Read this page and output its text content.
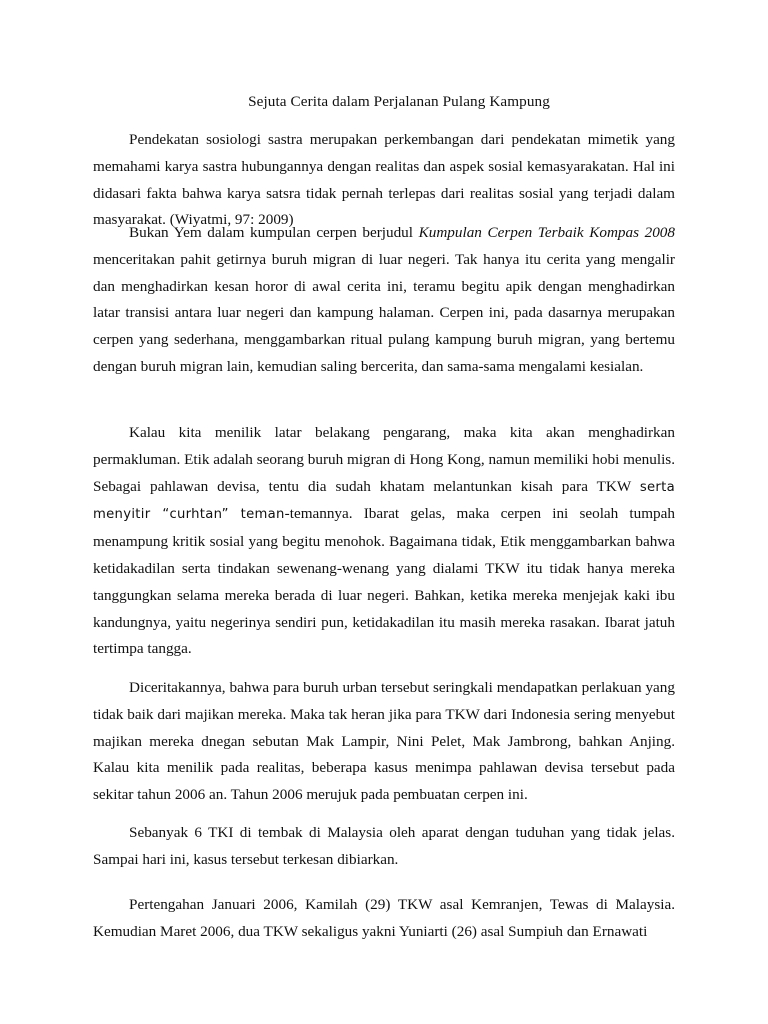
Sejuta Cerita dalam Perjalanan Pulang Kampung

Pendekatan sosiologi sastra merupakan perkembangan dari pendekatan mimetik yang memahami karya sastra hubungannya dengan realitas dan aspek sosial kemasyarakatan. Hal ini didasari fakta bahwa karya satsra tidak pernah terlepas dari realitas sosial yang terjadi dalam masyarakat. (Wiyatmi, 97: 2009)

Bukan Yem dalam kumpulan cerpen berjudul Kumpulan Cerpen Terbaik Kompas 2008 menceritakan pahit getirnya buruh migran di luar negeri. Tak hanya itu cerita yang mengalir dan menghadirkan kesan horor di awal cerita ini, teramu begitu apik dengan menghadirkan latar transisi antara luar negeri dan kampung halaman. Cerpen ini, pada dasarnya merupakan cerpen yang sederhana, menggambarkan ritual pulang kampung buruh migran, yang bertemu dengan buruh migran lain, kemudian saling bercerita, dan sama-sama mengalami kesialan.

Kalau kita menilik latar belakang pengarang, maka kita akan menghadirkan permakluman. Etik adalah seorang buruh migran di Hong Kong, namun memiliki hobi menulis. Sebagai pahlawan devisa, tentu dia sudah khatam melantunkan kisah para TKW serta menyitir “curhtan” teman-temannya. Ibarat gelas, maka cerpen ini seolah tumpah menampung kritik sosial yang begitu menohok. Bagaimana tidak, Etik menggambarkan bahwa ketidakadilan serta tindakan sewenang-wenang yang dialami TKW itu tidak hanya mereka tanggungkan selama mereka berada di luar negeri. Bahkan, ketika mereka menjejak kaki ibu kandungnya, yaitu negerinya sendiri pun, ketidakadilan itu masih mereka rasakan. Ibarat jatuh tertimpa tangga.

Diceritakannya, bahwa para buruh urban tersebut seringkali mendapatkan perlakuan yang tidak baik dari majikan mereka. Maka tak heran jika para TKW dari Indonesia sering menyebut majikan mereka dnegan sebutan Mak Lampir, Nini Pelet, Mak Jambrong, bahkan Anjing. Kalau kita menilik pada realitas, beberapa kasus menimpa pahlawan devisa tersebut pada sekitar tahun 2006 an. Tahun 2006 merujuk pada pembuatan cerpen ini.

Sebanyak 6 TKI di tembak di Malaysia oleh aparat dengan tuduhan yang tidak jelas. Sampai hari ini, kasus tersebut terkesan dibiarkan.

Pertengahan Januari 2006, Kamilah (29) TKW asal Kemranjen, Tewas di Malaysia. Kemudian Maret 2006, dua TKW sekaligus yakni Yuniarti (26) asal Sumpiuh dan Ernawati
